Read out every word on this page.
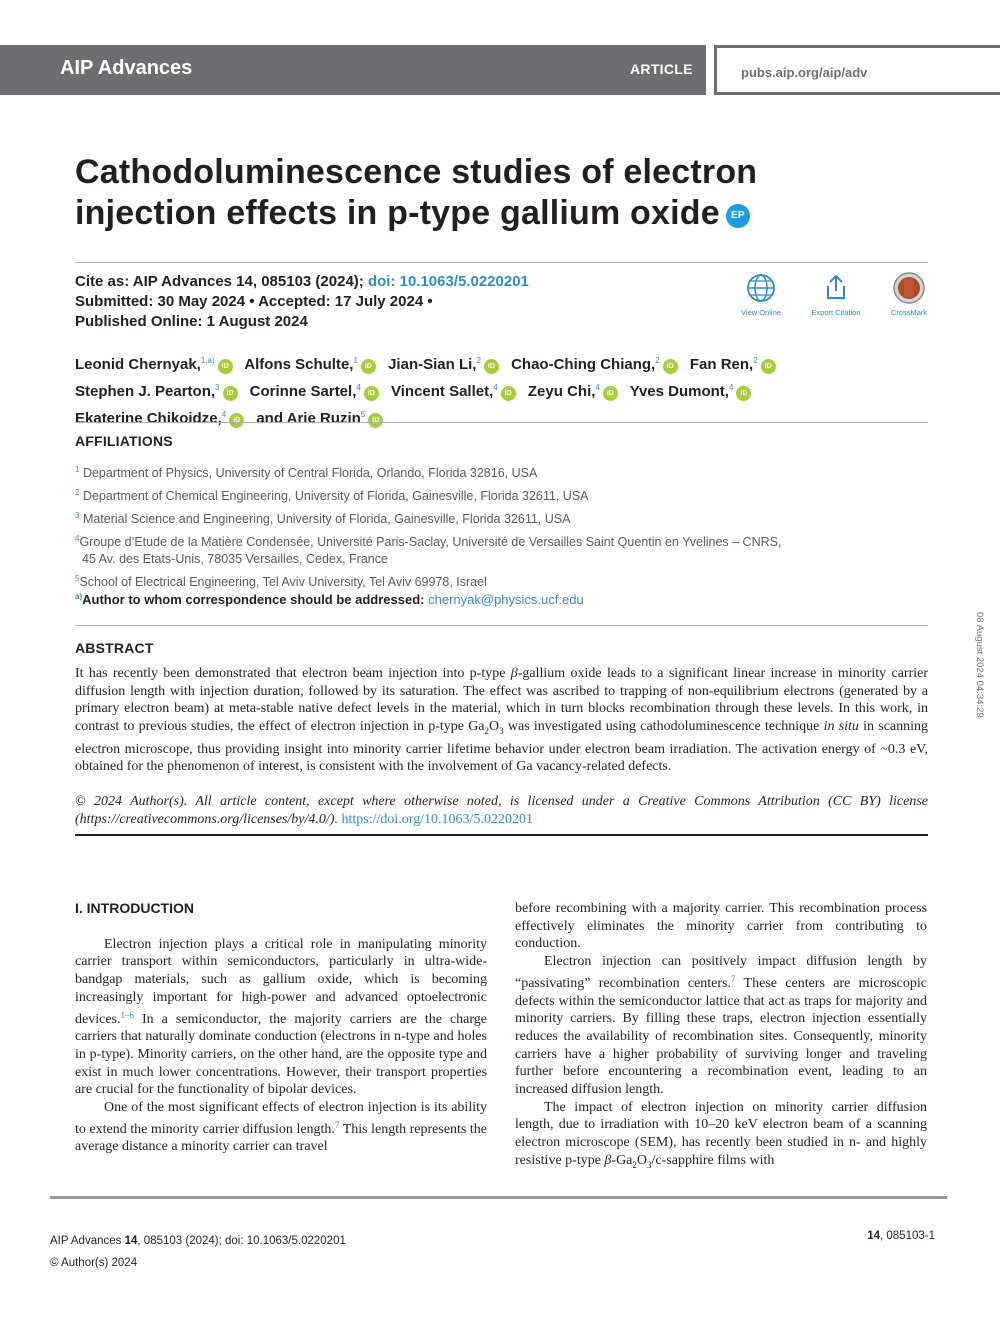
AIP Advances	ARTICLE	pubs.aip.org/aip/adv
Cathodoluminescence studies of electron
injection effects in p-type gallium oxide EP
Cite as: AIP Advances 14, 085103 (2024); doi: 10.1063/5.0220201
Submitted: 30 May 2024 • Accepted: 17 July 2024 •
Published Online: 1 August 2024
View Online	Export Citation	CrossMark
Leonid Chernyak,$^{1,a)}$iD Alfons Schulte,$^1$iD Jian-Sian Li,$^2$iD Chao-Ching Chiang,$^2$iD Fan Ren,$^2$iD
Stephen J. Pearton,$^3$iD Corinne Sartel,$^4$iD Vincent Sallet,$^4$iD Zeyu Chi,$^4$iD Yves Dumont,$^4$iD
Ekaterine Chikoidze,$^4$iD and Arie Ruzin$^5$iD
AFFILIATIONS
$^1$ Department of Physics, University of Central Florida, Orlando, Florida 32816, USA
$^2$ Department of Chemical Engineering, University of Florida, Gainesville, Florida 32611, USA
$^3$ Material Science and Engineering, University of Florida, Gainesville, Florida 32611, USA
$^4$Groupe d’Etude de la Matière Condensée, Université Paris-Saclay, Université de Versailles Saint Quentin en Yvelines – CNRS,
45 Av. des Etats-Unis, 78035 Versailles, Cedex, France
$^5$School of Electrical Engineering, Tel Aviv University, Tel Aviv 69978, Israel
$^{a)}$Author to whom correspondence should be addressed: chernyak@physics.ucf.edu
ABSTRACT
It has recently been demonstrated that electron beam injection into p-type β-gallium oxide leads to a significant linear increase in minority carrier diffusion length with injection duration, followed by its saturation. The effect was ascribed to trapping of non-equilibrium electrons (generated by a primary electron beam) at meta-stable native defect levels in the material, which in turn blocks recombination through these levels. In this work, in contrast to previous studies, the effect of electron injection in p-type $Ga_2O_3$ was investigated using cathodoluminescence technique in situ in scanning electron microscope, thus providing insight into minority carrier lifetime behavior under electron beam irradiation. The activation energy of ~0.3 eV, obtained for the phenomenon of interest, is consistent with the involvement of Ga vacancy-related defects.
© 2024 Author(s). All article content, except where otherwise noted, is licensed under a Creative Commons Attribution (CC BY) license (https://creativecommons.org/licenses/by/4.0/). https://doi.org/10.1063/5.0220201
08 August 2024 04:34:29
I. INTRODUCTION

Electron injection plays a critical role in manipulating minority carrier transport within semiconductors, particularly in ultra-wide-bandgap materials, such as gallium oxide, which is becoming increasingly important for high-power and advanced optoelectronic devices.$^{1-6}$ In a semiconductor, the majority carriers are the charge carriers that naturally dominate conduction (electrons in n-type and holes in p-type). Minority carriers, on the other hand, are the opposite type and exist in much lower concentrations. However, their transport properties are crucial for the functionality of bipolar devices.

One of the most significant effects of electron injection is its ability to extend the minority carrier diffusion length.$^7$ This length represents the average distance a minority carrier can travel

before recombining with a majority carrier. This recombination process effectively eliminates the minority carrier from contributing to conduction.

Electron injection can positively impact diffusion length by “passivating” recombination centers.$^7$ These centers are microscopic defects within the semiconductor lattice that act as traps for majority and minority carriers. By filling these traps, electron injection essentially reduces the availability of recombination sites. Consequently, minority carriers have a higher probability of surviving longer and traveling further before encountering a recombination event, leading to an increased diffusion length.

The impact of electron injection on minority carrier diffusion length, due to irradiation with 10–20 keV electron beam of a scanning electron microscope (SEM), has recently been studied in n- and highly resistive p-type $\beta-Ga_2O_3/c$-sapphire films with

AIP Advances 14, 085103 (2024); doi: 10.1063/5.0220201
© Author(s) 2024
14, 085103-1
